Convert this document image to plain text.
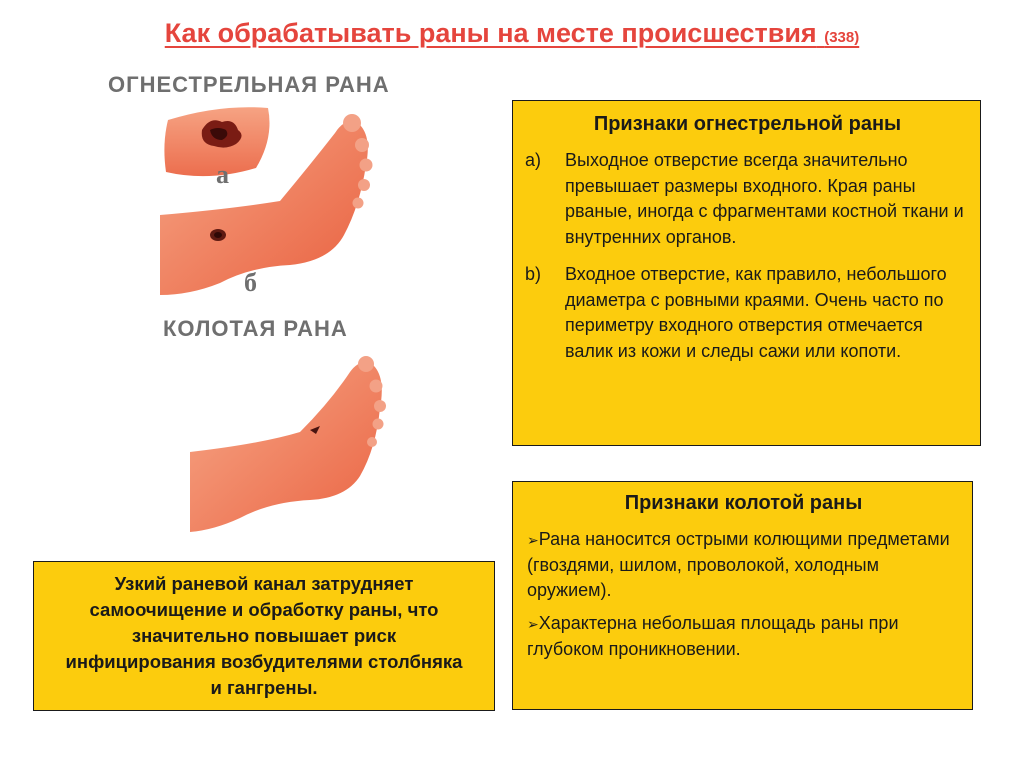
Как обрабатывать раны на месте происшествия (338)
ОГНЕСТРЕЛЬНАЯ РАНА
КОЛОТАЯ РАНА
а
б
Признаки огнестрельной раны
a)	Выходное отверстие всегда значительно превышает размеры входного. Края раны рваные, иногда с фрагментами костной ткани и внутренних органов.
b)	Входное отверстие, как правило, небольшого диаметра с ровными краями. Очень часто по периметру входного отверстия отмечается валик из кожи и следы сажи или копоти.
Признаки колотой раны
➢Рана наносится острыми колющими предметами (гвоздями, шилом, проволокой, холодным оружием).
➢Характерна небольшая площадь раны при глубоком проникновении.
Узкий раневой канал затрудняет самоочищение и обработку раны, что значительно повышает риск инфицирования возбудителями столбняка и гангрены.
